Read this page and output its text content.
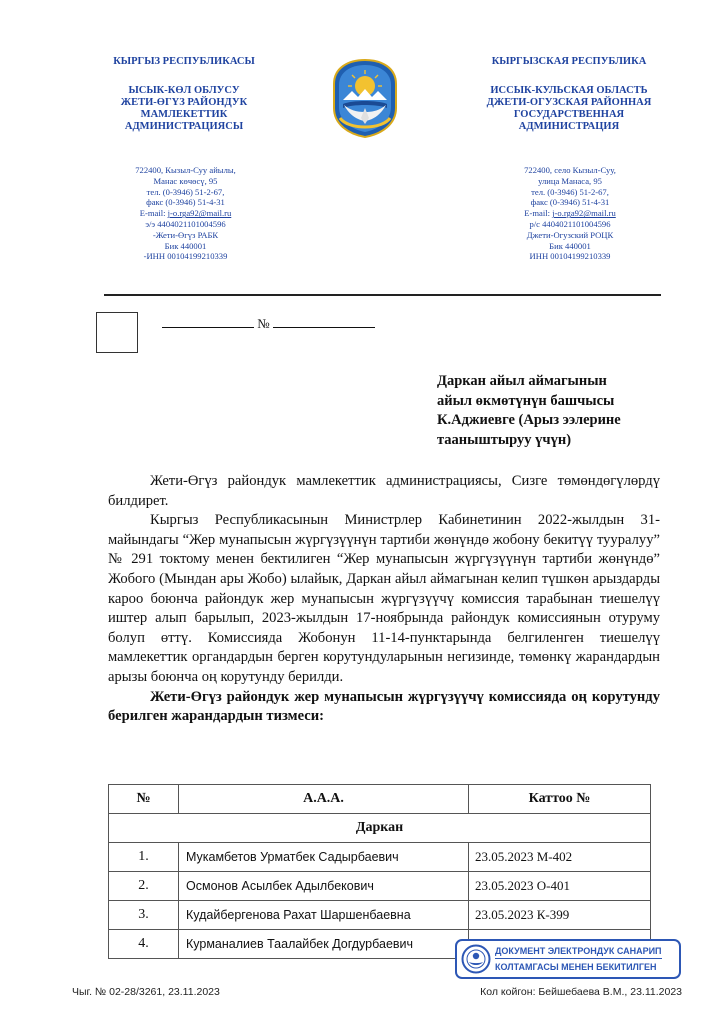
КЫРГЫЗ РЕСПУБЛИКАСЫ
ЫСЫК-КӨЛ ОБЛУСУ
ЖЕТИ-ӨГҮЗ РАЙОНДУК
МАМЛЕКЕТТИК
АДМИНИСТРАЦИЯСЫ
722400, Кызыл-Суу айылы,
Манас көчөсү, 95
тел. (0-3946) 51-2-67,
факс (0-3946) 51-4-31
E-mail: j-o.rga92@mail.ru
э/э 4404021101004596
-Жети-Өгүз РАБК
Бик 440001
-ИНН 00104199210339
КЫРГЫЗСКАЯ РЕСПУБЛИКА
ИССЫК-КУЛЬСКАЯ ОБЛАСТЬ
ДЖЕТИ-ОГУЗСКАЯ РАЙОННАЯ
ГОСУДАРСТВЕННАЯ
АДМИНИСТРАЦИЯ
722400, село Кызыл-Суу,
улица Манаса, 95
тел. (0-3946) 51-2-67,
факс (0-3946) 51-4-31
E-mail: j-o.rga92@mail.ru
р/с 4404021101004596
Джети-Огузский РОЦК
Бик 440001
ИНН 00104199210339
№
Даркан айыл аймагынын
айыл өкмөтүнүн башчысы
К.Аджиевге (Арыз ээлерине
тааныштыруу үчүн)

Жети-Өгүз райондук мамлекеттик администрациясы, Сизге төмөндөгүлөрдү билдирет.

Кыргыз Республикасынын Министрлер Кабинетинин 2022-жылдын 31-майындагы “Жер мунапысын жүргүзүүнүн тартиби жөнүндө жобону бекитүү тууралуу” № 291 токтому менен бектилиген “Жер мунапысын жүргүзүүнүн тартиби жөнүндө” Жобого (Мындан ары Жобо) ылайык, Даркан айыл аймагынан келип түшкөн арыздарды карoo боюнча райондук жер мунапысын жүргүзүүчү комиссия тарабынан тиешелүү иштер алып барылып, 2023-жылдын 17-ноябрында райондук комиссиянын отуруму болуп өттү. Комиссияда Жобонун 11-14-пунктарында белгиленген тиешелүү мамлекеттик органдардын берген корутундуларынын негизинде, төмөнкү жарандардын арызы боюнча оң корутунду берилди.

Жети-Өгүз райондук жер мунапысын жүргүзүүчү комиссияда оң корутунду берилген жарандардын тизмеси:

№	А.А.А.	Каттоо №
Даркан		
1.	Мукамбетов Урматбек Садырбаевич	23.05.2023 М-402
2.	Осмонов Асылбек Адылбекович	23.05.2023 О-401
3.	Кудайбергенова Рахат Шаршенбаевна	23.05.2023 К-399
4.	Курманалиев Таалайбек Догдурбаевич		ДОКУМЕНТ ЭЛЕКТРОНДУК САНАРИП
КОЛТАМГАСЫ МЕНЕН БЕКИТИЛГЕН
Чыг. № 02-28/3261, 23.11.2023	Кол койгон: Бейшебаева В.М., 23.11.2023
